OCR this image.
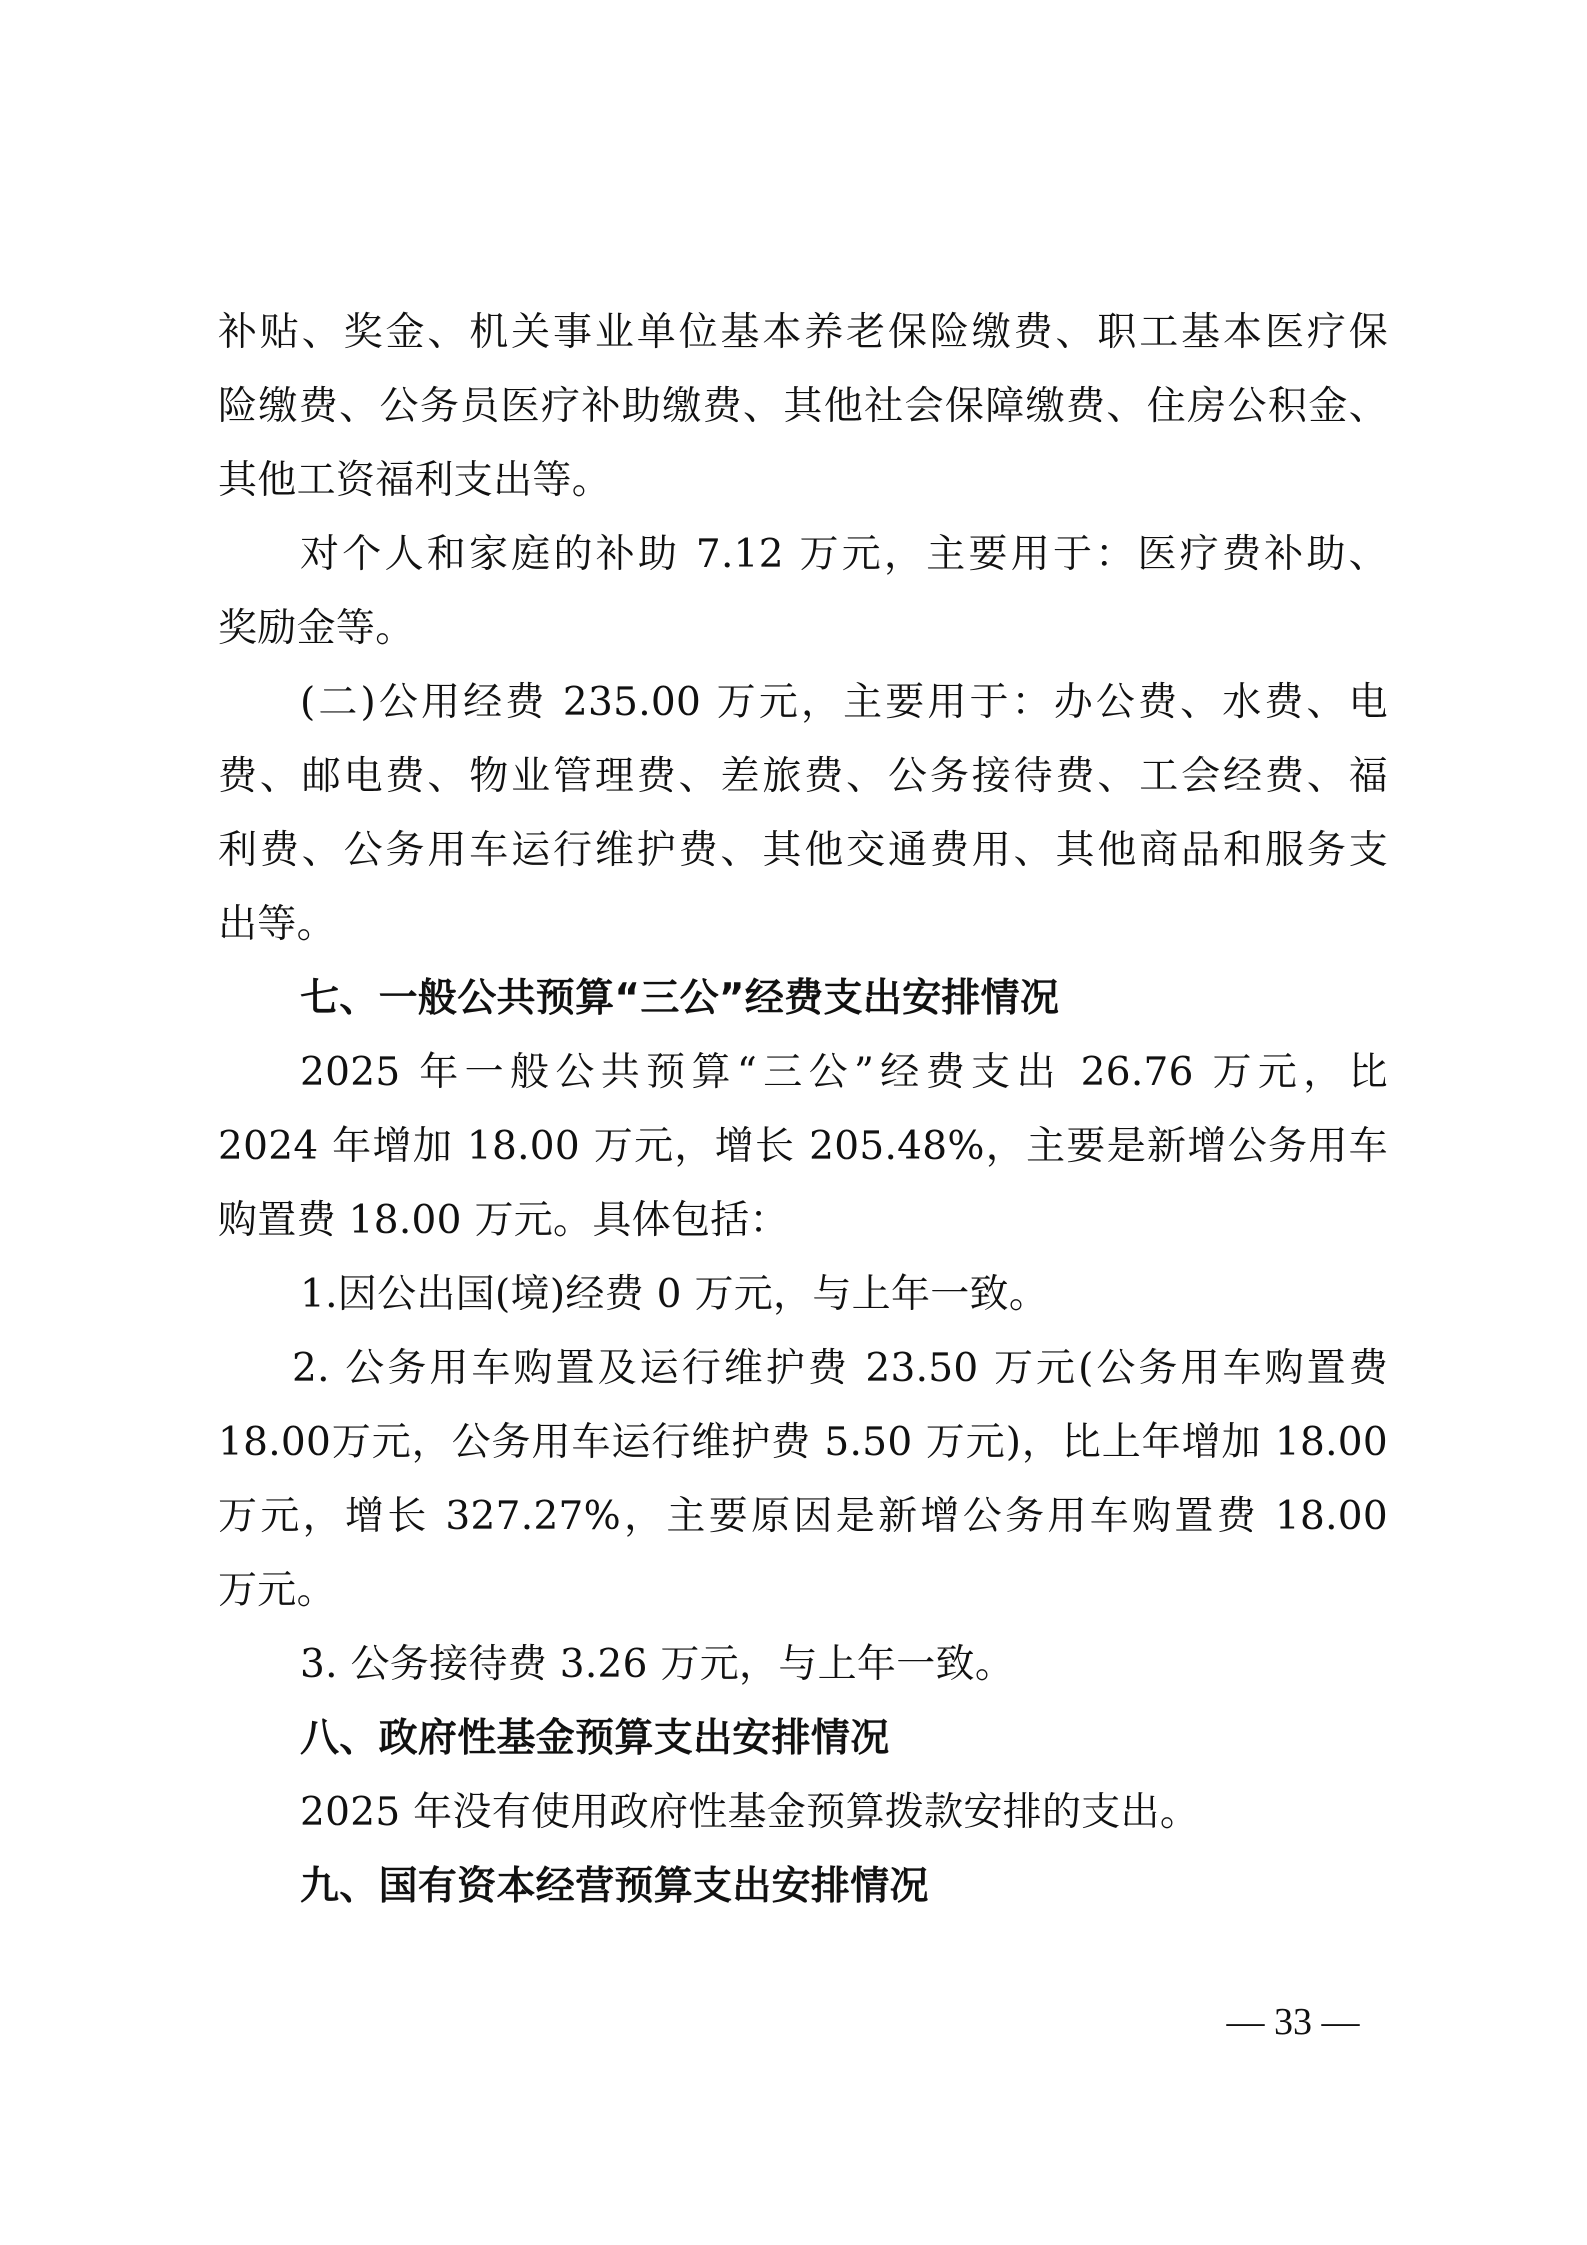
补贴、奖金、机关事业单位基本养老保险缴费、职工基本医疗保
险缴费、公务员医疗补助缴费、其他社会保障缴费、住房公积金、
其他工资福利支出等。
对个人和家庭的补助 7.12 万元，主要用于：医疗费补助、
奖励金等。
(二)公用经费 235.00 万元，主要用于：办公费、水费、电
费、邮电费、物业管理费、差旅费、公务接待费、工会经费、福
利费、公务用车运行维护费、其他交通费用、其他商品和服务支
出等。
七、一般公共预算“三公”经费支出安排情况
2025 年一般公共预算“三公”经费支出 26.76 万元，比
2024 年增加 18.00 万元，增长 205.48%，主要是新增公务用车
购置费 18.00 万元。具体包括：
1.因公出国(境)经费 0 万元，与上年一致。
2. 公务用车购置及运行维护费 23.50 万元(公务用车购置费
18.00万元，公务用车运行维护费 5.50 万元)，比上年增加 18.00
万元，增长 327.27%，主要原因是新增公务用车购置费 18.00
万元。
3. 公务接待费 3.26 万元，与上年一致。
八、政府性基金预算支出安排情况
2025 年没有使用政府性基金预算拨款安排的支出。
九、国有资本经营预算支出安排情况
— 33 —
